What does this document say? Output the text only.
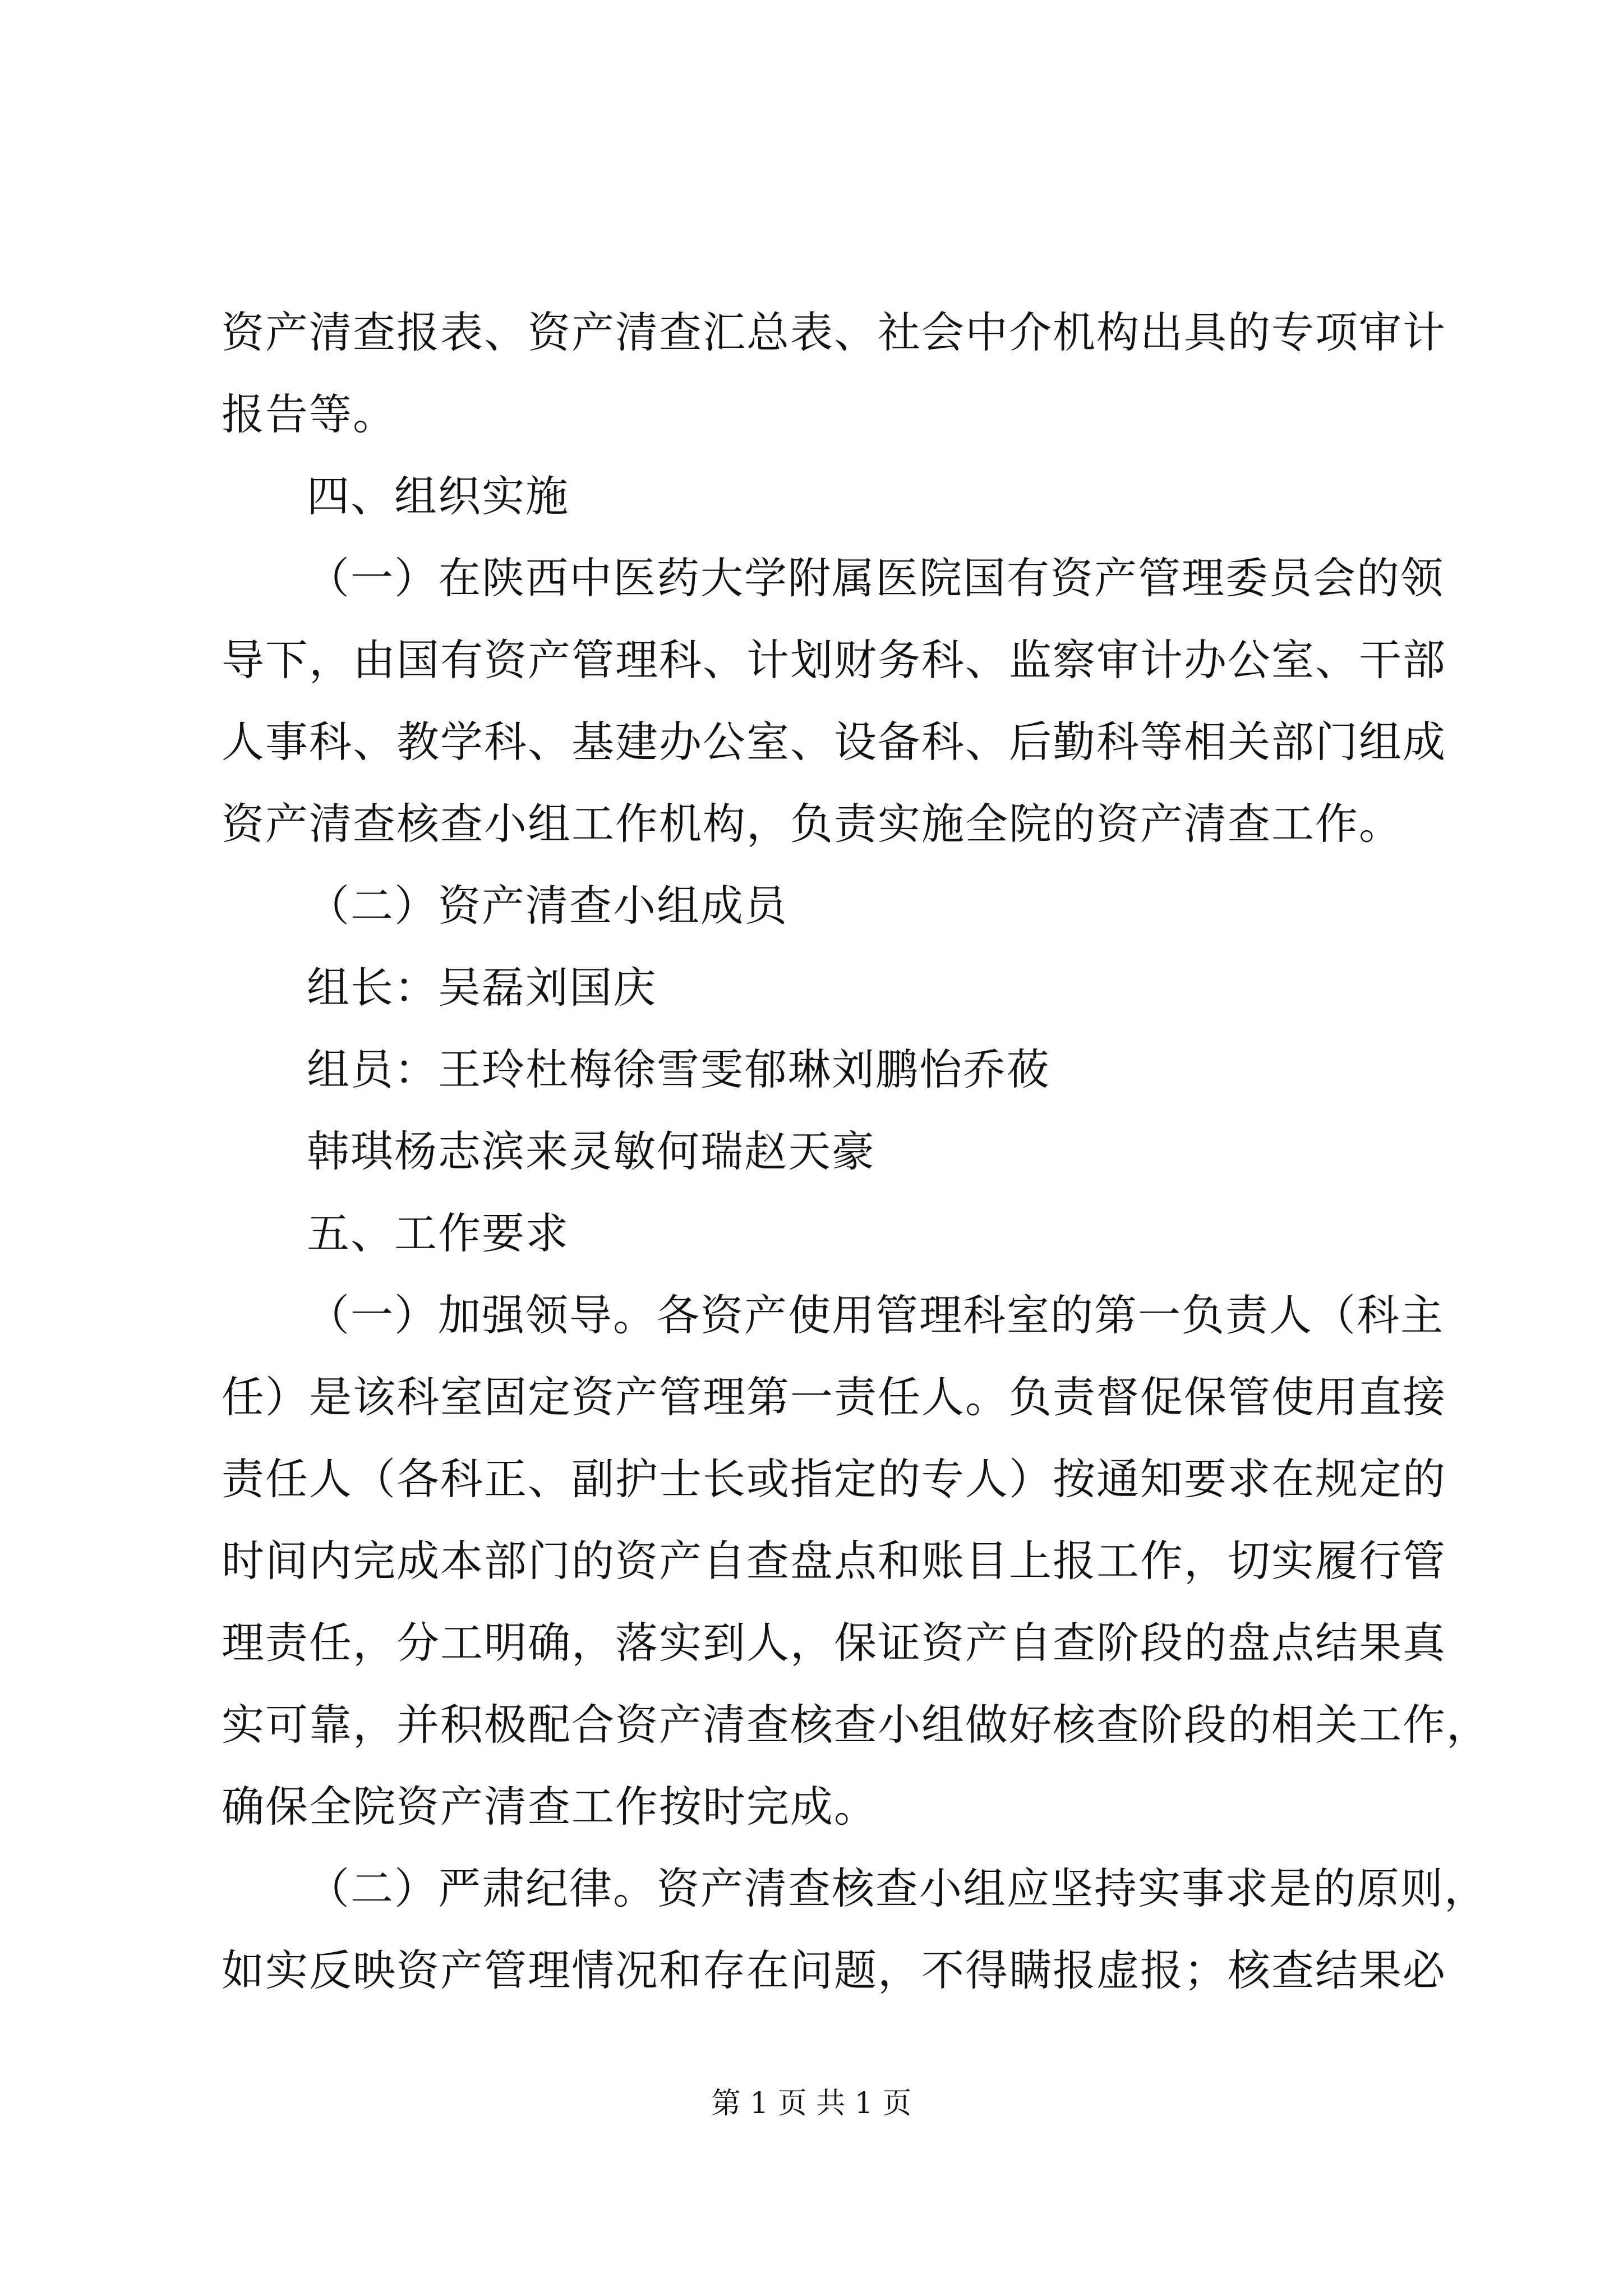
资产清查报表、资产清查汇总表、社会中介机构出具的专项审计
报告等。
四、组织实施
（一）在陕西中医药大学附属医院国有资产管理委员会的领
导下，由国有资产管理科、计划财务科、监察审计办公室、干部
人事科、教学科、基建办公室、设备科、后勤科等相关部门组成
资产清查核查小组工作机构，负责实施全院的资产清查工作。
（二）资产清查小组成员
组长：吴磊刘国庆
组员：王玲杜梅徐雪雯郁琳刘鹏怡乔莜
韩琪杨志滨来灵敏何瑞赵天豪
五、工作要求
（一）加强领导。各资产使用管理科室的第一负责人（科主
任）是该科室固定资产管理第一责任人。负责督促保管使用直接
责任人（各科正、副护士长或指定的专人）按通知要求在规定的
时间内完成本部门的资产自查盘点和账目上报工作，切实履行管
理责任，分工明确，落实到人，保证资产自查阶段的盘点结果真
实可靠，并积极配合资产清查核查小组做好核查阶段的相关工作，
确保全院资产清查工作按时完成。
（二）严肃纪律。资产清查核查小组应坚持实事求是的原则，
如实反映资产管理情况和存在问题，不得瞒报虚报；核查结果必
第 1 页 共 1 页
